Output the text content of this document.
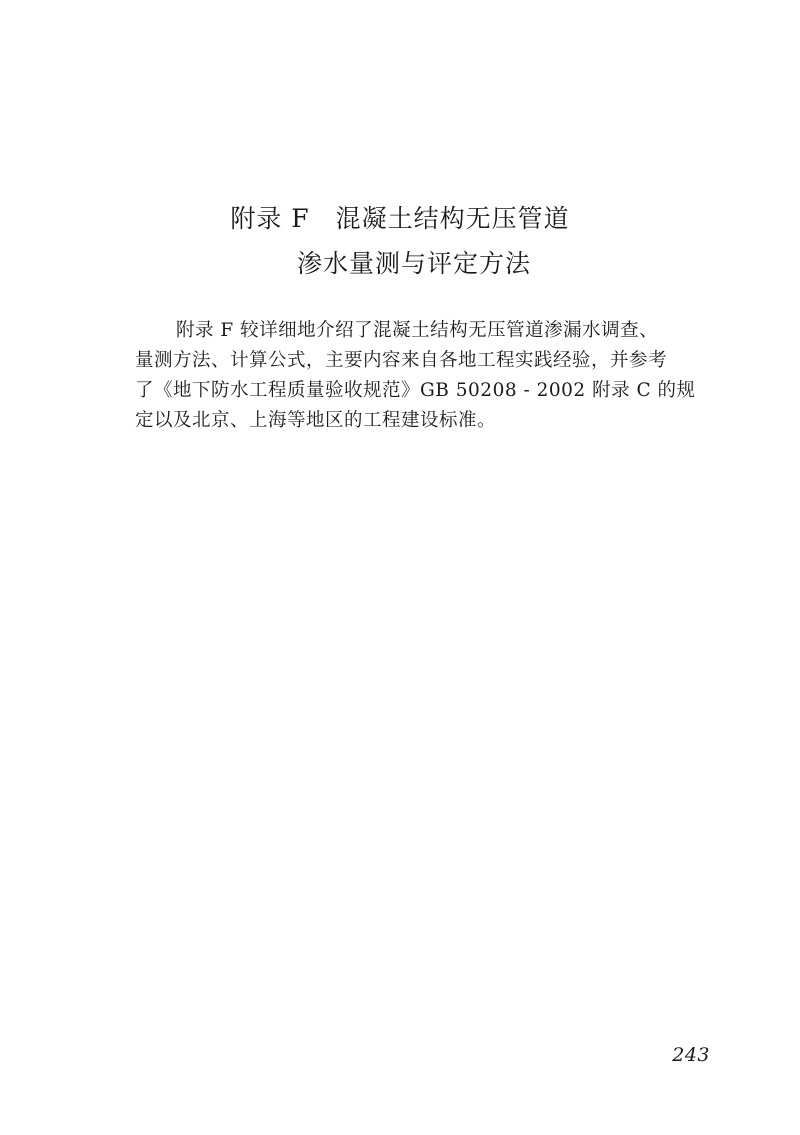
附录 F　混凝土结构无压管道
渗水量测与评定方法

附录 F 较详细地介绍了混凝土结构无压管道渗漏水调查、
量测方法、计算公式，主要内容来自各地工程实践经验，并参考
了《地下防水工程质量验收规范》GB 50208 - 2002 附录 C 的规
定以及北京、上海等地区的工程建设标准。

243
